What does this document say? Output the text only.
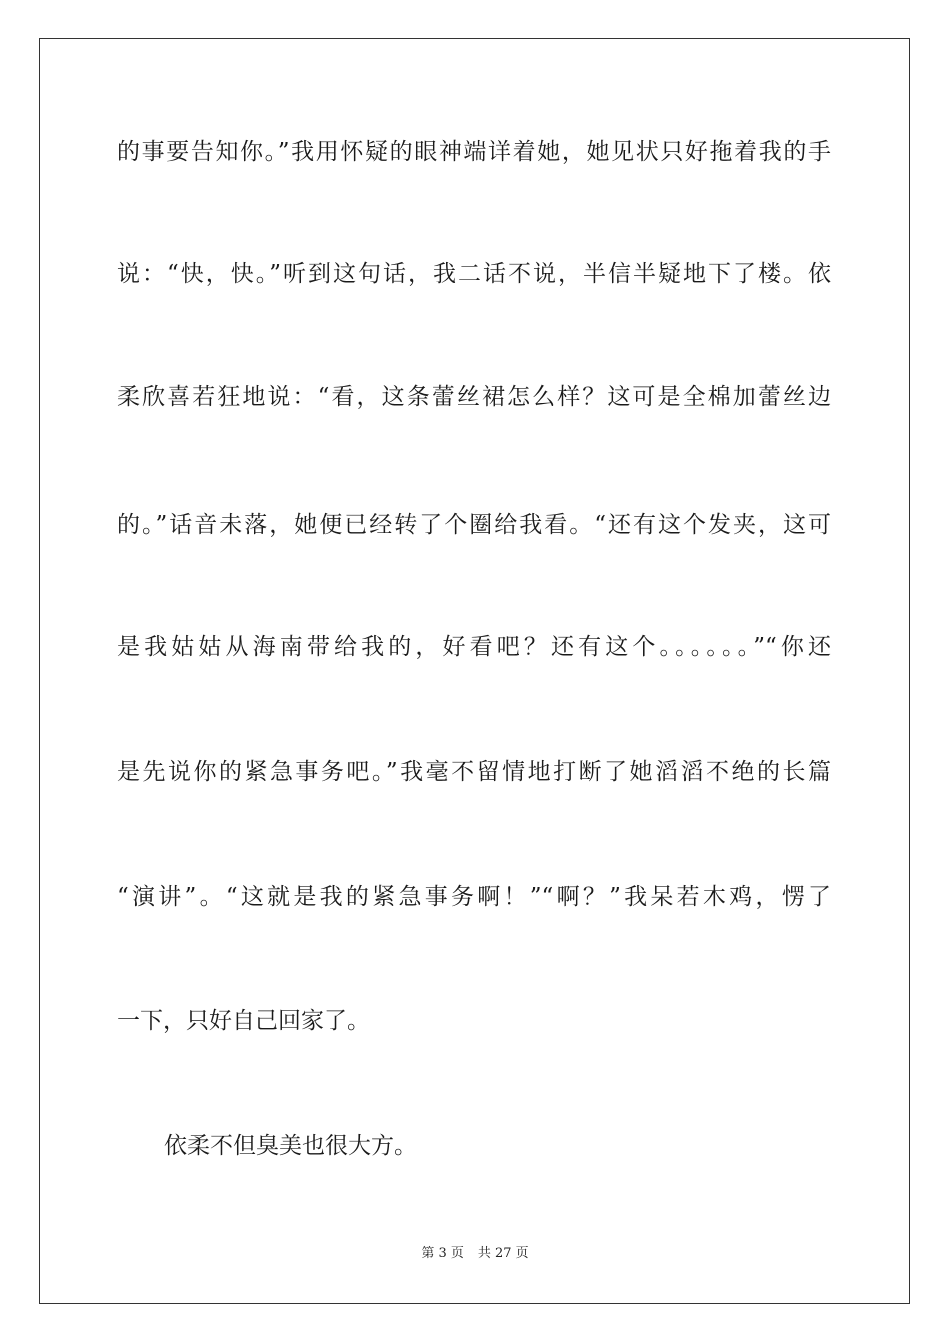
的事要告知你。”我用怀疑的眼神端详着她，她见状只好拖着我的手
说：“快，快。”听到这句话，我二话不说，半信半疑地下了楼。依
柔欣喜若狂地说：“看，这条蕾丝裙怎么样？这可是全棉加蕾丝边
的。”话音未落，她便已经转了个圈给我看。“还有这个发夹，这可
是我姑姑从海南带给我的，好看吧？还有这个。。。。。。”“你还
是先说你的紧急事务吧。”我毫不留情地打断了她滔滔不绝的长篇
“演讲”。“这就是我的紧急事务啊！”“啊？”我呆若木鸡，愣了
一下，只好自己回家了。
依柔不但臭美也很大方。
第 3 页 共 27 页
